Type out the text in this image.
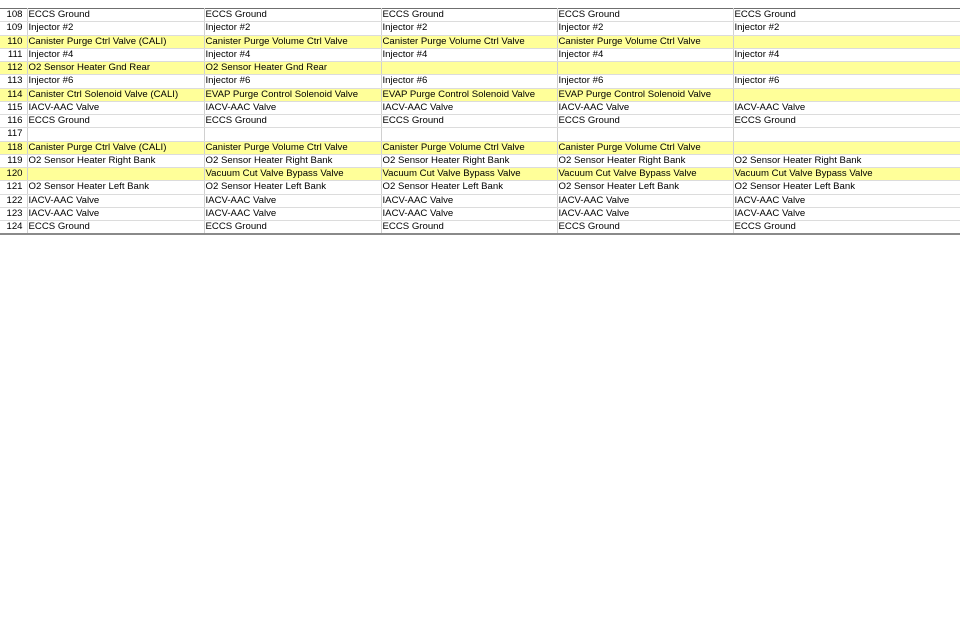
108	ECCS Ground	ECCS Ground	ECCS Ground	ECCS Ground	ECCS Ground
109	Injector #2	Injector #2	Injector #2	Injector #2	Injector #2
110	Canister Purge Ctrl Valve (CALI)	Canister Purge Volume Ctrl Valve	Canister Purge Volume Ctrl Valve	Canister Purge Volume Ctrl Valve	
111	Injector #4	Injector #4	Injector #4	Injector #4	Injector #4
112	O2 Sensor Heater Gnd Rear	O2 Sensor Heater Gnd Rear			
113	Injector #6	Injector #6	Injector #6	Injector #6	Injector #6
114	Canister Ctrl Solenoid Valve (CALI)	EVAP Purge Control Solenoid Valve	EVAP Purge Control Solenoid Valve	EVAP Purge Control Solenoid Valve	
115	IACV-AAC Valve	IACV-AAC Valve	IACV-AAC Valve	IACV-AAC Valve	IACV-AAC Valve
116	ECCS Ground	ECCS Ground	ECCS Ground	ECCS Ground	ECCS Ground
117					
118	Canister Purge Ctrl Valve (CALI)	Canister Purge Volume Ctrl Valve	Canister Purge Volume Ctrl Valve	Canister Purge Volume Ctrl Valve	
119	O2 Sensor Heater Right Bank	O2 Sensor Heater Right Bank	O2 Sensor Heater Right Bank	O2 Sensor Heater Right Bank	O2 Sensor Heater Right Bank
120		Vacuum Cut Valve Bypass Valve	Vacuum Cut Valve Bypass Valve	Vacuum Cut Valve Bypass Valve	Vacuum Cut Valve Bypass Valve
121	O2 Sensor Heater Left Bank	O2 Sensor Heater Left Bank	O2 Sensor Heater Left Bank	O2 Sensor Heater Left Bank	O2 Sensor Heater Left Bank
122	IACV-AAC Valve	IACV-AAC Valve	IACV-AAC Valve	IACV-AAC Valve	IACV-AAC Valve
123	IACV-AAC Valve	IACV-AAC Valve	IACV-AAC Valve	IACV-AAC Valve	IACV-AAC Valve
124	ECCS Ground	ECCS Ground	ECCS Ground	ECCS Ground	ECCS Ground
